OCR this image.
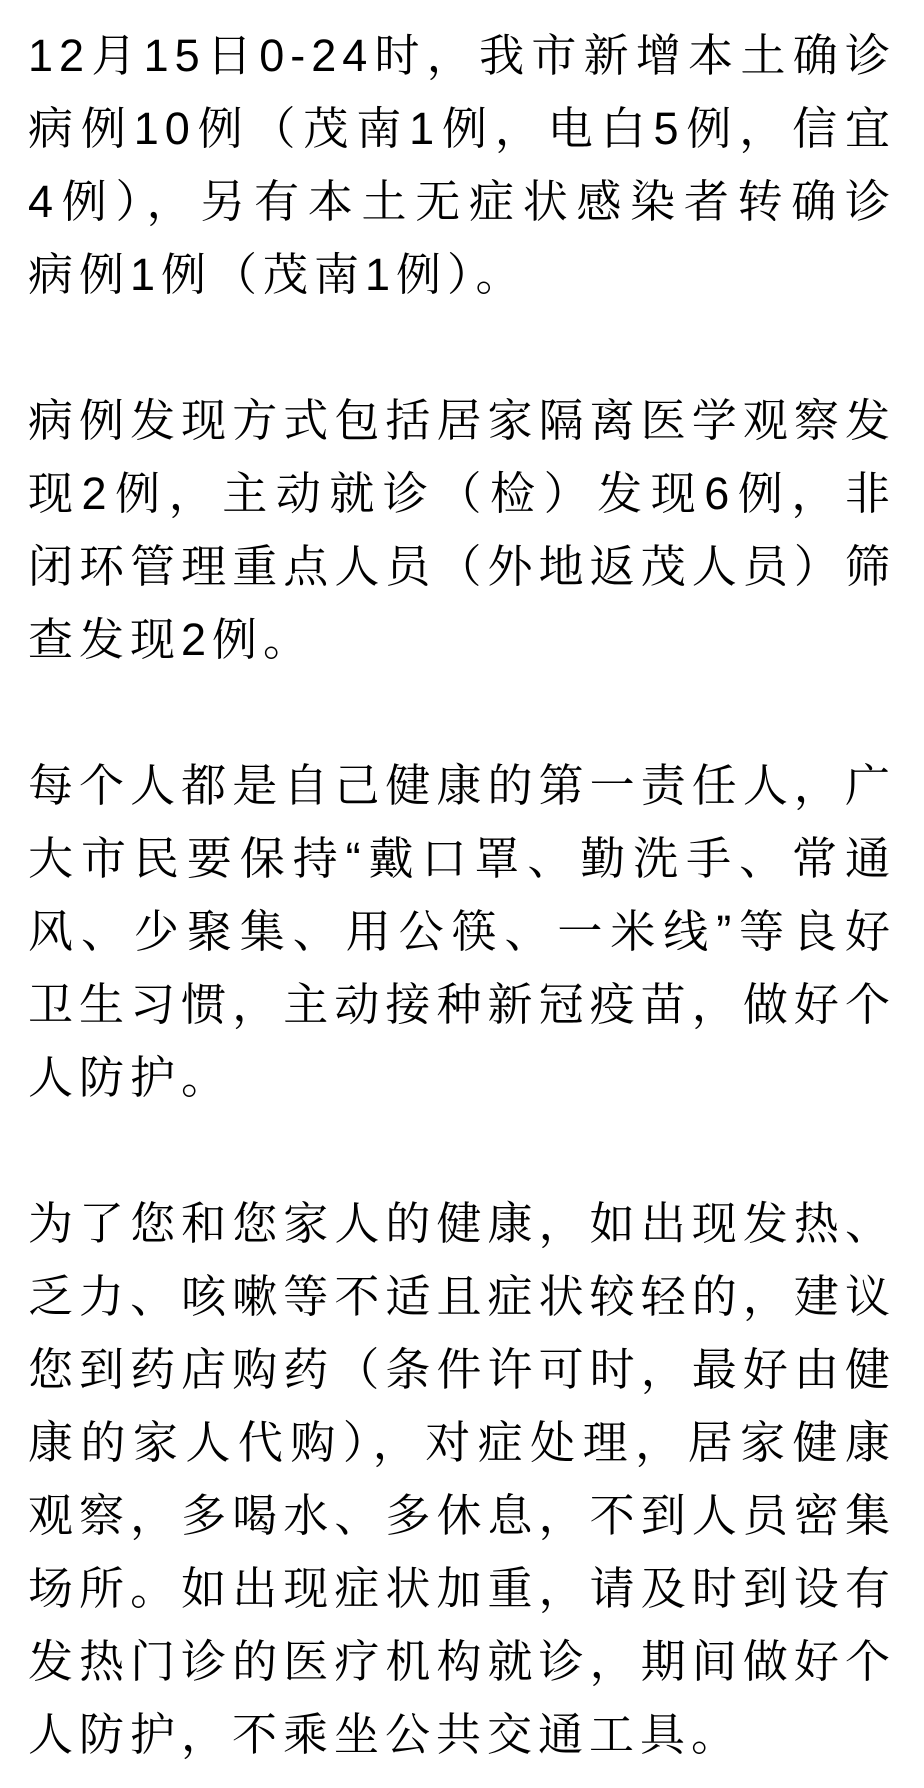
12月15日0-24时，我市新增本土确诊病例10例（茂南1例，电白5例，信宜4例），另有本土无症状感染者转确诊病例1例（茂南1例）。

病例发现方式包括居家隔离医学观察发现2例，主动就诊（检）发现6例，非闭环管理重点人员（外地返茂人员）筛查发现2例。

每个人都是自己健康的第一责任人，广大市民要保持“戴口罩、勤洗手、常通风、少聚集、用公筷、一米线”等良好卫生习惯，主动接种新冠疫苗，做好个人防护。

为了您和您家人的健康，如出现发热、乏力、咳嗽等不适且症状较轻的，建议您到药店购药（条件许可时，最好由健康的家人代购），对症处理，居家健康观察，多喝水、多休息，不到人员密集场所。如出现症状加重，请及时到设有发热门诊的医疗机构就诊，期间做好个人防护，不乘坐公共交通工具。
